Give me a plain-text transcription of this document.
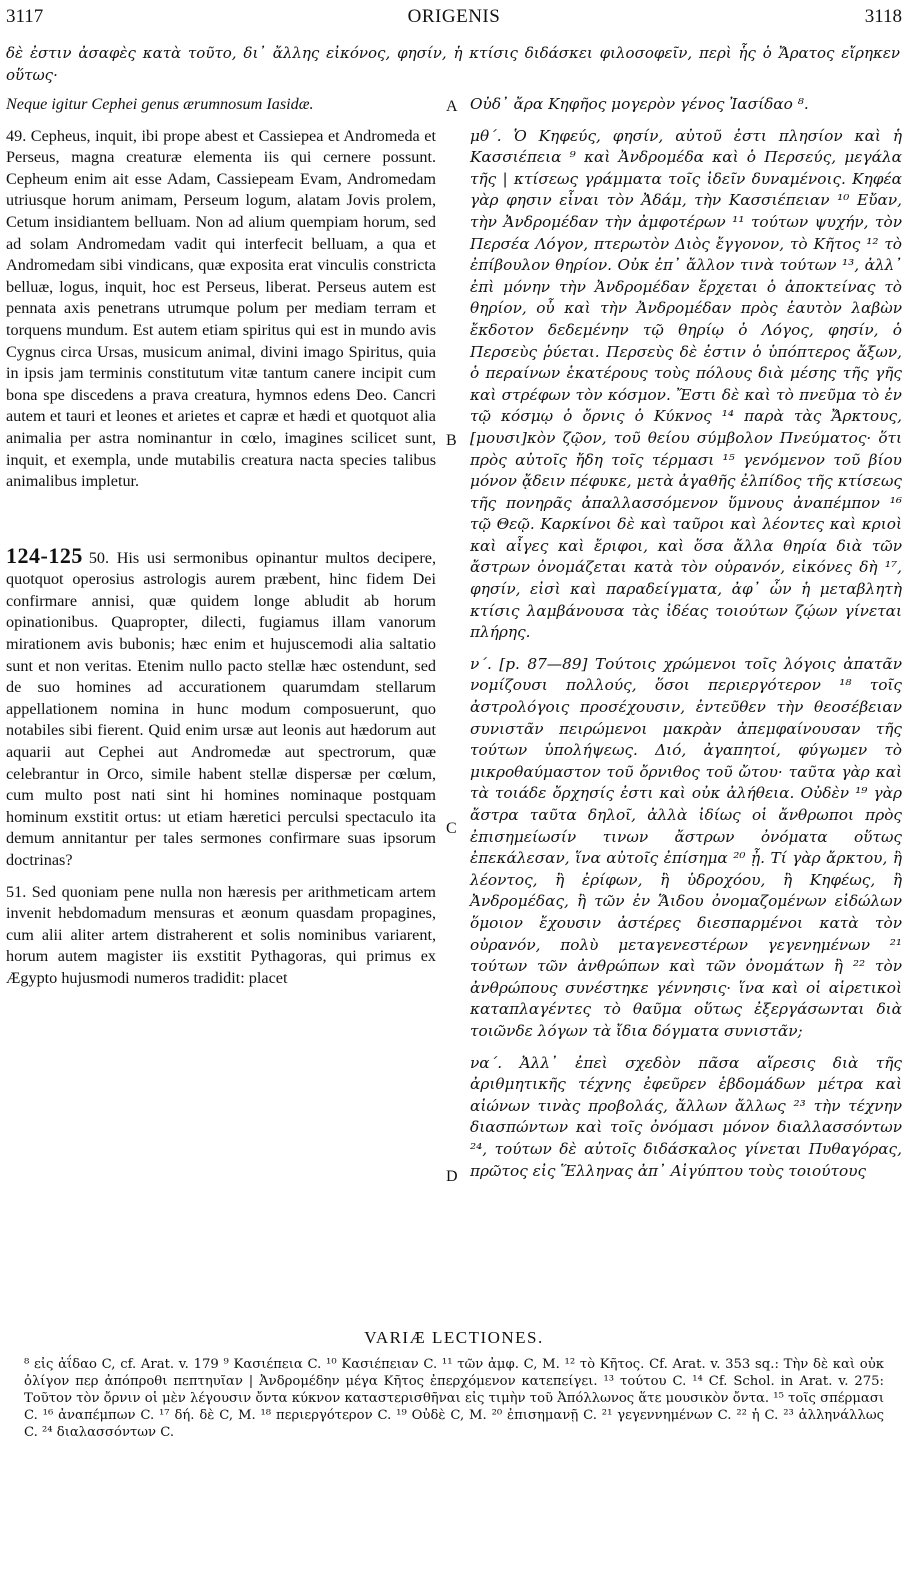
3117	ORIGENIS	3118
δὲ ἐστιν ἀσαφὲς κατὰ τοῦτο, δι᾽ ἄλλης εἰκόνος, φησίν, ἡ κτίσις διδάσκει φιλοσοφεῖν, περὶ ἧς ὁ Ἄρατος εἴρηκεν οὕτως·

Neque igitur Cephei genus ærumnosum Iasidæ.

49. Cepheus, inquit, ibi prope abest et Cassiepea et Andromeda et Perseus, magna creaturæ elementa iis qui cernere possunt. Cepheum enim ait esse Adam, Cassiepeam Evam, Andromedam utriusque horum animam, Perseum logum, alatam Jovis prolem, Cetum insidiantem belluam. Non ad alium quempiam horum, sed ad solam Andromedam vadit qui interfecit belluam, a qua et Andromedam sibi vindicans, quæ exposita erat vinculis constricta belluæ, logus, inquit, hoc est Perseus, liberat. Perseus autem est pennata axis penetrans utrumque polum per mediam terram et torquens mundum. Est autem etiam spiritus qui est in mundo avis Cygnus circa Ursas, musicum animal, divini imago Spiritus, quia in ipsis jam terminis constitutum vitæ tantum canere incipit cum bona spe discedens a prava creatura, hymnos edens Deo. Cancri autem et tauri et leones et arietes et capræ et hædi et quotquot alia animalia per astra nominantur in cœlo, imagines scilicet sunt, inquit, et exempla, unde mutabilis creatura nacta species talibus animalibus impletur.

124-125 50. His usi sermonibus opinantur multos decipere, quotquot operosius astrologis aurem præbent, hinc fidem Dei confirmare annisi, quæ quidem longe abludit ab horum opinationibus. Quapropter, dilecti, fugiamus illam vanorum mirationem avis bubonis; hæc enim et hujuscemodi alia saltatio sunt et non veritas. Etenim nullo pacto stellæ hæc ostendunt, sed de suo homines ad accurationem quarumdam stellarum appellationem nomina in hunc modum composuerunt, quo notabiles sibi fierent. Quid enim ursæ aut leonis aut hædorum aut aquarii aut Cephei aut Andromedæ aut spectrorum, quæ celebrantur in Orco, simile habent stellæ dispersæ per cœlum, cum multo post nati sint hi homines nominaque postquam hominum exstitit ortus: ut etiam hæretici perculsi spectaculo ita demum annitantur per tales sermones confirmare suas ipsorum doctrinas?

51. Sed quoniam pene nulla non hæresis per arithmeticam artem invenit hebdomadum mensuras et æonum quasdam propagines, cum alii aliter artem distraherent et solis nominibus variarent, horum autem magister iis exstitit Pythagoras, qui primus ex Ægypto hujusmodi numeros tradidit: placet

A
B
C
D

Οὐδ᾽ ἄρα Κηφῆος μογερὸν γένος Ἰασίδαο ⁸.

μθ´. Ὁ Κηφεύς, φησίν, αὐτοῦ ἐστι πλησίον καὶ ἡ Κασσιέπεια ⁹ καὶ Ἀνδρομέδα καὶ ὁ Περσεύς, μεγάλα τῆς | κτίσεως γράμματα τοῖς ἰδεῖν δυναμένοις. Κηφέα γὰρ φησιν εἶναι τὸν Ἀδάμ, τὴν Κασσιέπειαν ¹⁰ Εὔαν, τὴν Ἀνδρομέδαν τὴν ἀμφοτέρων ¹¹ τούτων ψυχήν, τὸν Περσέα Λόγον, πτερωτὸν Διὸς ἔγγονον, τὸ Κῆτος ¹² τὸ ἐπίβουλον θηρίον. Οὐκ ἐπ᾽ ἄλλον τινὰ τούτων ¹³, ἀλλ᾽ ἐπὶ μόνην τὴν Ἀνδρομέδαν ἔρχεται ὁ ἀποκτείνας τὸ θηρίον, οὗ καὶ τὴν Ἀνδρομέδαν πρὸς ἑαυτὸν λαβὼν ἔκδοτον δεδεμένην τῷ θηρίῳ ὁ Λόγος, φησίν, ὁ Περσεὺς ῥύεται. Περσεὺς δὲ ἐστιν ὁ ὑπόπτερος ἄξων, ὁ περαίνων ἑκατέρους τοὺς πόλους διὰ μέσης τῆς γῆς καὶ στρέφων τὸν κόσμον. Ἔστι δὲ καὶ τὸ πνεῦμα τὸ ἐν τῷ κόσμῳ ὁ ὄρνις ὁ Κύκνος ¹⁴ παρὰ τὰς Ἄρκτους, [μουσι]κὸν ζῷον, τοῦ θείου σύμβολον Πνεύματος· ὅτι πρὸς αὐτοῖς ἤδη τοῖς τέρμασι ¹⁵ γενόμενον τοῦ βίου μόνον ᾄδειν πέφυκε, μετὰ ἀγαθῆς ἐλπίδος τῆς κτίσεως τῆς πονηρᾶς ἀπαλλασσόμενον ὕμνους ἀναπέμπον ¹⁶ τῷ Θεῷ. Καρκίνοι δὲ καὶ ταῦροι καὶ λέοντες καὶ κριοὶ καὶ αἶγες καὶ ἔριφοι, καὶ ὅσα ἄλλα θηρία διὰ τῶν ἄστρων ὀνομάζεται κατὰ τὸν οὐρανόν, εἰκόνες δὴ ¹⁷, φησίν, εἰσὶ καὶ παραδείγματα, ἀφ᾽ ὧν ἡ μεταβλητὴ κτίσις λαμβάνουσα τὰς ἰδέας τοιούτων ζῴων γίνεται πλήρης.

ν´. [p. 87—89] Τούτοις χρώμενοι τοῖς λόγοις ἀπατᾶν νομίζουσι πολλούς, ὅσοι περιεργότερον ¹⁸ τοῖς ἀστρολόγοις προσέχουσιν, ἐντεῦθεν τὴν θεοσέβειαν συνιστᾶν πειρώμενοι μακρὰν ἀπεμφαίνουσαν τῆς τούτων ὑπολήψεως. Διό, ἀγαπητοί, φύγωμεν τὸ μικροθαύμαστον τοῦ ὄρνιθος τοῦ ὤτου· ταῦτα γὰρ καὶ τὰ τοιάδε ὄρχησίς ἐστι καὶ οὐκ ἀλήθεια. Οὐδὲν ¹⁹ γὰρ ἄστρα ταῦτα δηλοῖ, ἀλλὰ ἰδίως οἱ ἄνθρωποι πρὸς ἐπισημείωσίν τινων ἄστρων ὀνόματα οὕτως ἐπεκάλεσαν, ἵνα αὐτοῖς ἐπίσημα ²⁰ ᾖ. Τί γὰρ ἄρκτου, ἢ λέοντος, ἢ ἐρίφων, ἢ ὑδροχόου, ἢ Κηφέως, ἢ Ἀνδρομέδας, ἢ τῶν ἐν Ἅιδου ὀνομαζομένων εἰδώλων ὅμοιον ἔχουσιν ἀστέρες διεσπαρμένοι κατὰ τὸν οὐρανόν, πολὺ μεταγενεστέρων γεγενημένων ²¹ τούτων τῶν ἀνθρώπων καὶ τῶν ὀνομάτων ἢ ²² τὸν ἀνθρώπους συνέστηκε γέννησις· ἵνα καὶ οἱ αἱρετικοὶ καταπλαγέντες τὸ θαῦμα οὕτως ἐξεργάσωνται διὰ τοιῶνδε λόγων τὰ ἴδια δόγματα συνιστᾶν;

να´. Ἀλλ᾽ ἐπεὶ σχεδὸν πᾶσα αἵρεσις διὰ τῆς ἀριθμητικῆς τέχνης ἐφεῦρεν ἑβδομάδων μέτρα καὶ αἰώνων τινὰς προβολάς, ἄλλων ἄλλως ²³ τὴν τέχνην διασπώντων καὶ τοῖς ὀνόμασι μόνον διαλλασσόντων ²⁴, τούτων δὲ αὐτοῖς διδάσκαλος γίνεται Πυθαγόρας, πρῶτος εἰς Ἕλληνας ἀπ᾽ Αἰγύπτου τοὺς τοιούτους

VARIÆ LECTIONES.

⁸ εἰς ἀΐδαο C, cf. Arat. v. 179 ⁹ Κασιέπεια C. ¹⁰ Κασιέπειαν C. ¹¹ τῶν ἀμφ. C, M. ¹² τὸ Κῆτος. Cf. Arat. v. 353 sq.: Τὴν δὲ καὶ οὐκ ὀλίγον περ ἀπόπροθι πεπτηυῖαν | Ἀνδρομέδην μέγα Κῆτος ἐπερχόμενον κατεπείγει. ¹³ τούτου C. ¹⁴ Cf. Schol. in Arat. v. 275: Τοῦτον τὸν ὄρνιν οἱ μὲν λέγουσιν ὄντα κύκνον καταστερισθῆναι εἰς τιμὴν τοῦ Ἀπόλλωνος ἅτε μουσικὸν ὄντα. ¹⁵ τοῖς σπέρμασι C. ¹⁶ ἀναπέμπων C. ¹⁷ δή. δὲ C, M. ¹⁸ περιεργότερον C. ¹⁹ Οὐδὲ C, M. ²⁰ ἐπισημανῇ C. ²¹ γεγεννημένων C. ²² ἡ C. ²³ ἀλληνάλλως C. ²⁴ διαλασσόντων C.
